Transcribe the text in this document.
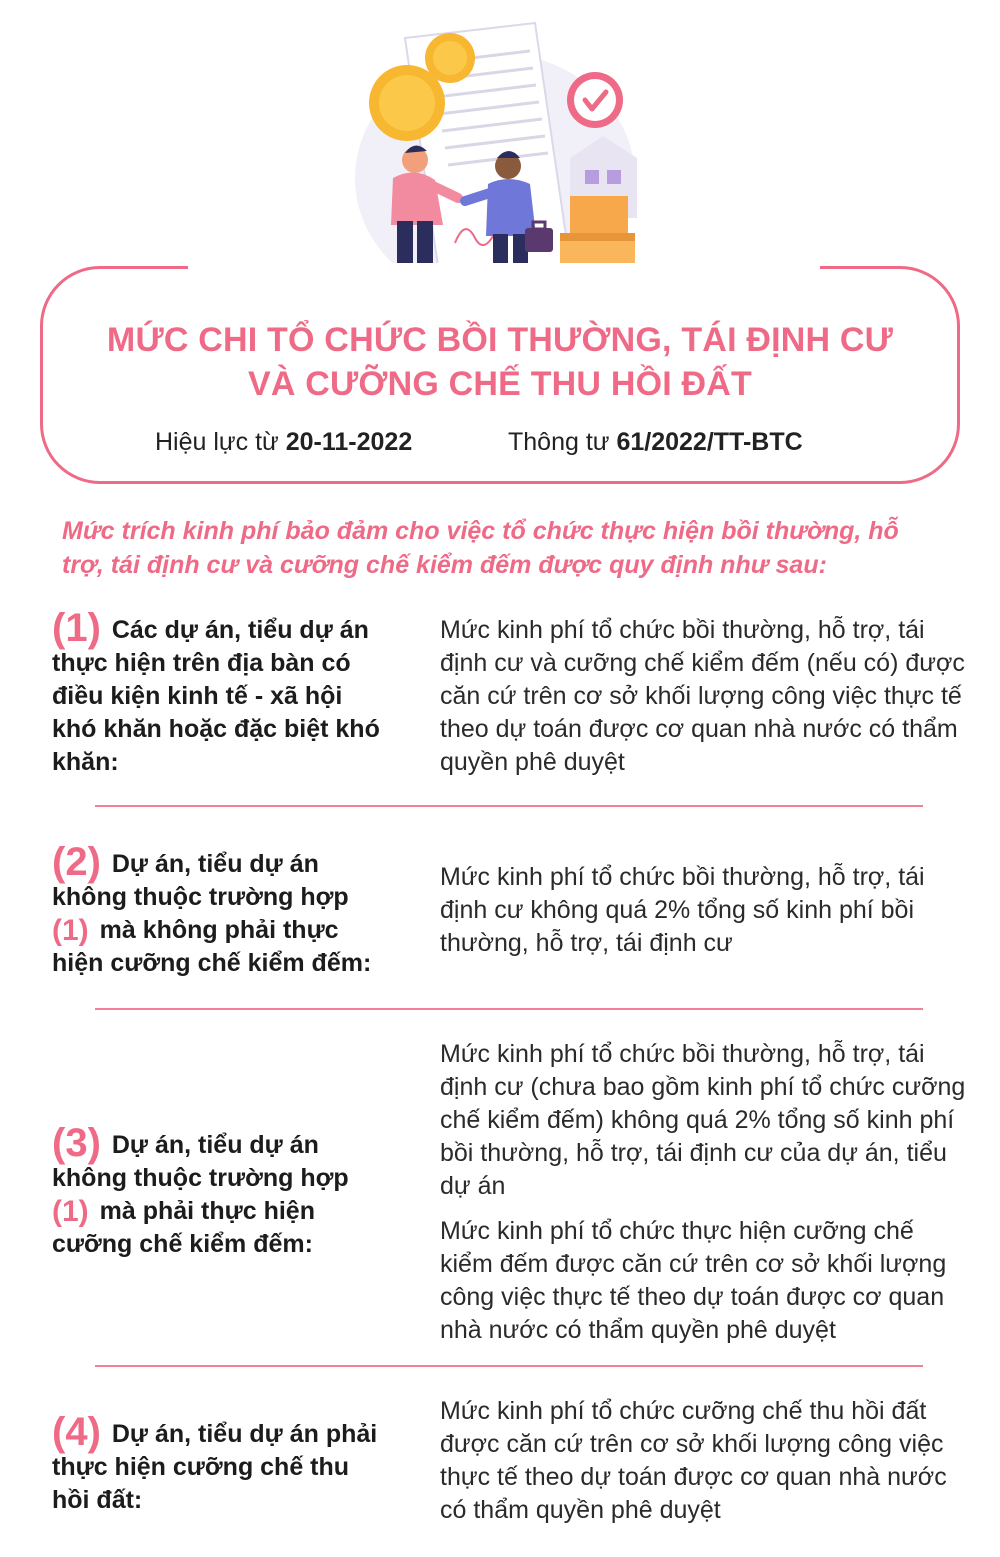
MỨC CHI TỔ CHỨC BỒI THƯỜNG, TÁI ĐỊNH CƯ
VÀ CƯỠNG CHẾ THU HỒI ĐẤT
Hiệu lực từ 20-11-2022	Thông tư 61/2022/TT-BTC
Mức trích kinh phí bảo đảm cho việc tổ chức thực hiện bồi thường, hỗ trợ, tái định cư và cưỡng chế kiểm đếm được quy định như sau:
(1) Các dự án, tiểu dự án thực hiện trên địa bàn có điều kiện kinh tế - xã hội khó khăn hoặc đặc biệt khó khăn:

Mức kinh phí tổ chức bồi thường, hỗ trợ, tái định cư và cưỡng chế kiểm đếm (nếu có) được căn cứ trên cơ sở khối lượng công việc thực tế theo dự toán được cơ quan nhà nước có thẩm quyền phê duyệt

(2) Dự án, tiểu dự án không thuộc trường hợp (1) mà không phải thực hiện cưỡng chế kiểm đếm:

Mức kinh phí tổ chức bồi thường, hỗ trợ, tái định cư không quá 2% tổng số kinh phí bồi thường, hỗ trợ, tái định cư

(3) Dự án, tiểu dự án không thuộc trường hợp (1) mà phải thực hiện cưỡng chế kiểm đếm:

Mức kinh phí tổ chức bồi thường, hỗ trợ, tái định cư (chưa bao gồm kinh phí tổ chức cưỡng chế kiểm đếm) không quá 2% tổng số kinh phí bồi thường, hỗ trợ, tái định cư của dự án, tiểu dự án

Mức kinh phí tổ chức thực hiện cưỡng chế kiểm đếm được căn cứ trên cơ sở khối lượng công việc thực tế theo dự toán được cơ quan nhà nước có thẩm quyền phê duyệt

(4) Dự án, tiểu dự án phải thực hiện cưỡng chế thu hồi đất:

Mức kinh phí tổ chức cưỡng chế thu hồi đất được căn cứ trên cơ sở khối lượng công việc thực tế theo dự toán được cơ quan nhà nước có thẩm quyền phê duyệt
